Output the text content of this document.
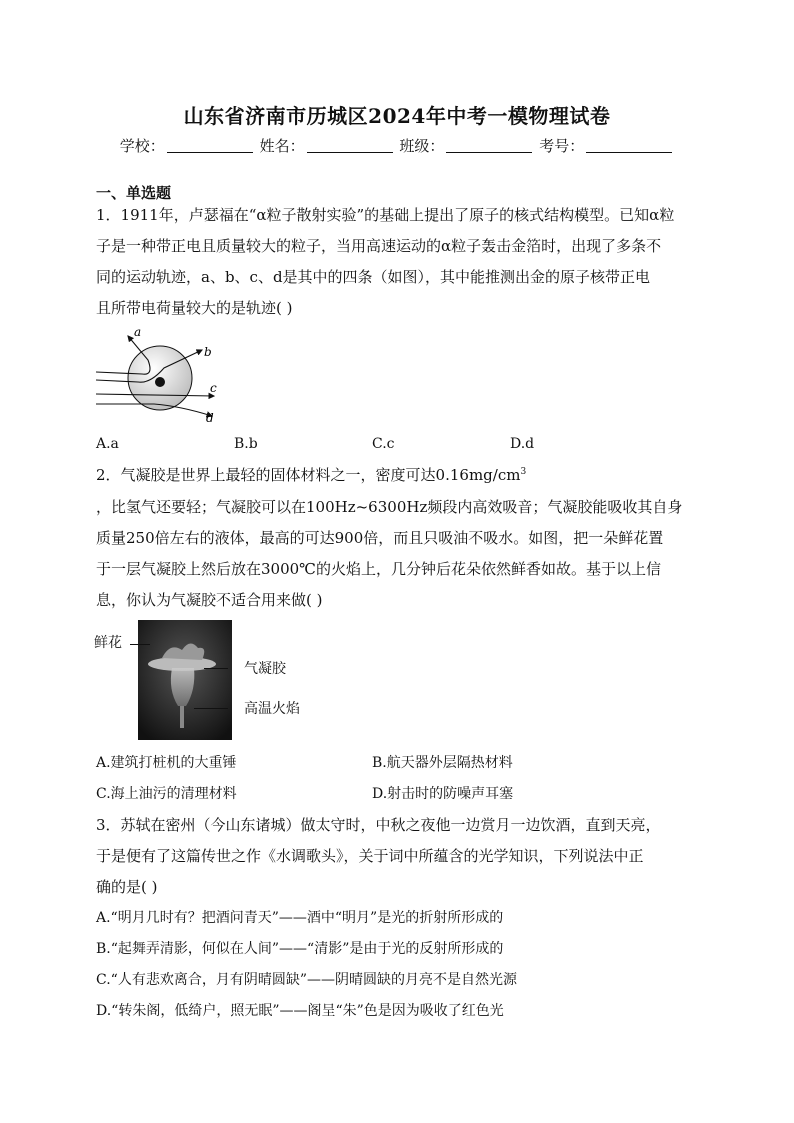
山东省济南市历城区2024年中考一模物理试卷
学校：	姓名：	班级：	考号：
一、单选题
1．1911年，卢瑟福在“α粒子散射实验”的基础上提出了原子的核式结构模型。已知α粒
子是一种带正电且质量较大的粒子，当用高速运动的α粒子轰击金箔时，出现了多条不
同的运动轨迹，a、b、c、d是其中的四条（如图），其中能推测出金的原子核带正电
且所带电荷量较大的是轨迹( )
a
b
c
d
A.a	B.b	C.c	D.d
2．气凝胶是世界上最轻的固体材料之一，密度可达$0.16mg/cm^3$
，比氢气还要轻；气凝胶可以在100Hz~6300Hz频段内高效吸音；气凝胶能吸收其自身
质量250倍左右的液体，最高的可达900倍，而且只吸油不吸水。如图，把一朵鲜花置
于一层气凝胶上然后放在3000℃的火焰上，几分钟后花朵依然鲜香如故。基于以上信
息，你认为气凝胶不适合用来做( )
鲜花
气凝胶
高温火焰
A.建筑打桩机的大重锤	B.航天器外层隔热材料
C.海上油污的清理材料	D.射击时的防噪声耳塞
3．苏轼在密州（今山东诸城）做太守时，中秋之夜他一边赏月一边饮酒，直到天亮，
于是便有了这篇传世之作《水调歌头》，关于词中所蕴含的光学知识，下列说法中正
确的是( )
A.“明月几时有？把酒问青天”——酒中“明月”是光的折射所形成的
B.“起舞弄清影，何似在人间”——“清影”是由于光的反射所形成的
C.“人有悲欢离合，月有阴晴圆缺”——阴晴圆缺的月亮不是自然光源
D.“转朱阁，低绮户，照无眠”——阁呈“朱”色是因为吸收了红色光
